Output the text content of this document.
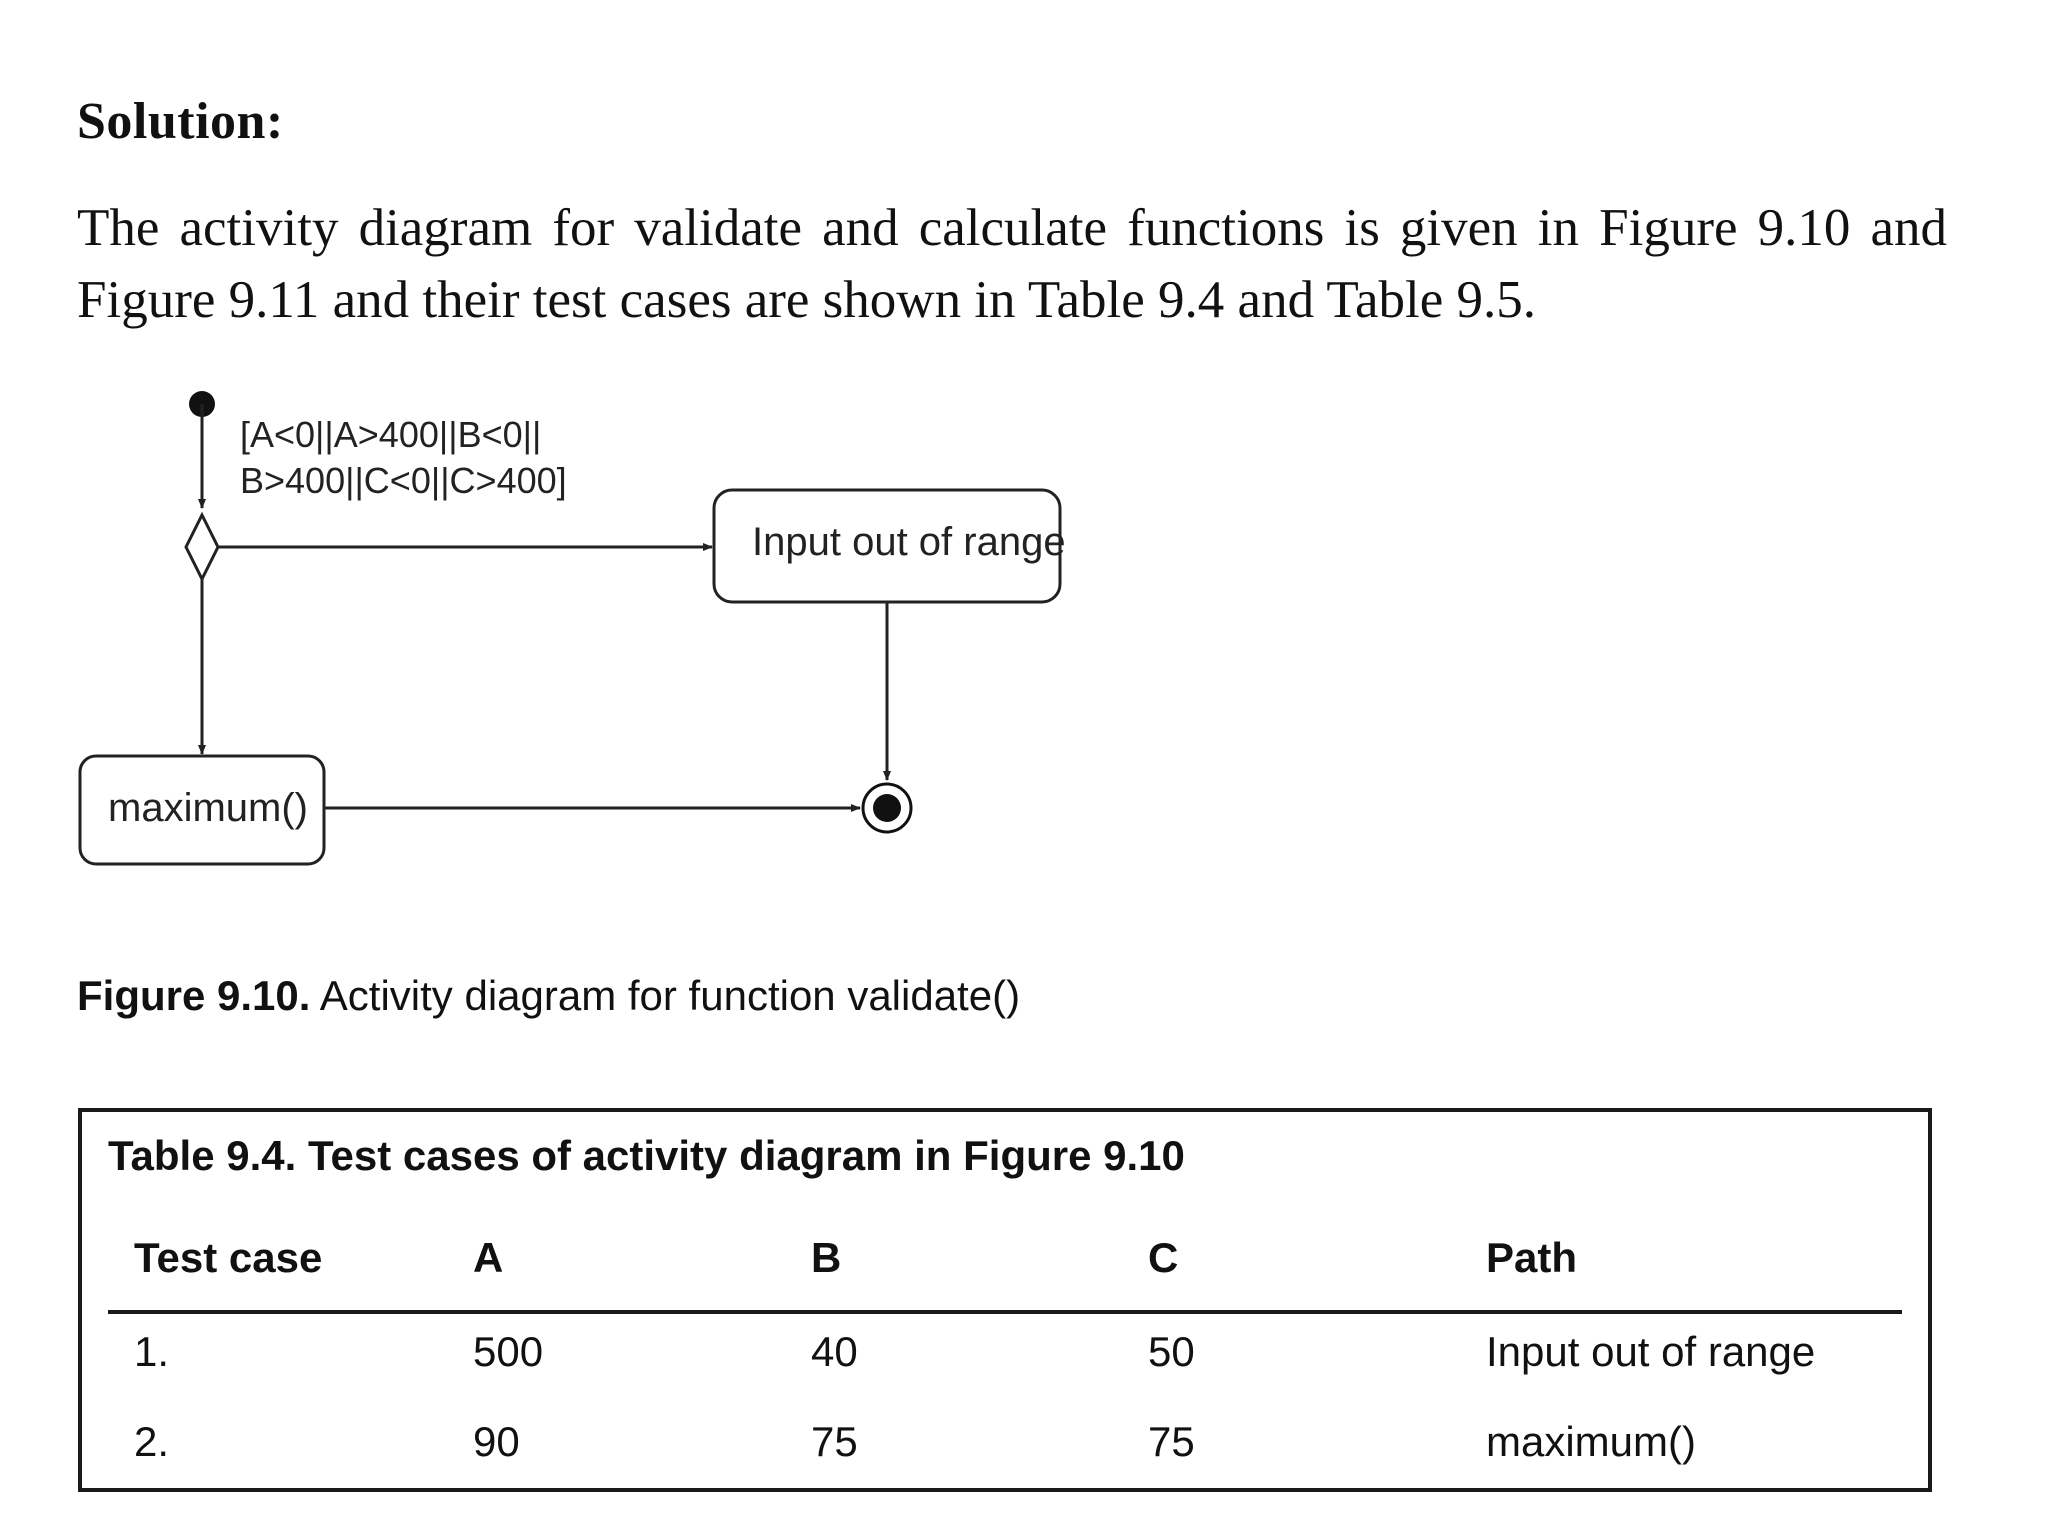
Solution:
The activity diagram for validate and calculate functions is given in Figure 9.10 and Figure 9.11 and their test cases are shown in Table 9.4 and Table 9.5.
[A<0||A>400||B<0||
B>400||C<0||C>400]
Input out of range
maximum()
Figure 9.10. Activity diagram for function validate()
Table 9.4. Test cases of activity diagram in Figure 9.10
Test case	A	B	C	Path
1.	500	40	50	Input out of range
2.	90	75	75	maximum()
